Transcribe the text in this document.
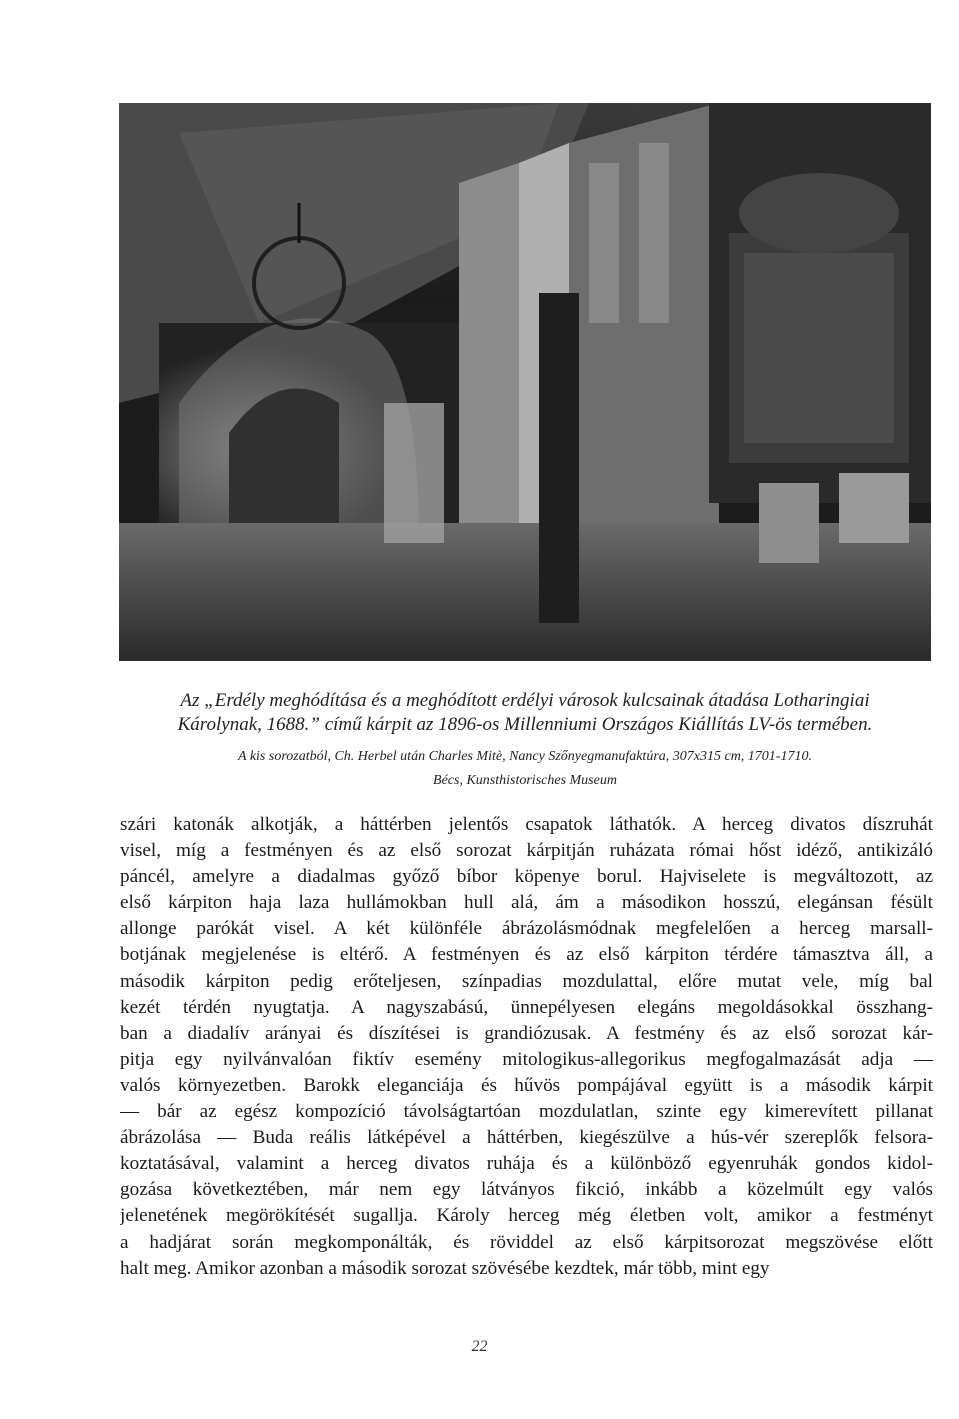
Az „Erdély meghódítása és a meghódított erdélyi városok kulcsainak átadása Lotharingiai
Károlynak, 1688.” című kárpit az 1896-os Millenniumi Országos Kiállítás LV-ös termében.
A kis sorozatból, Ch. Herbel után Charles Mitè, Nancy Szőnyegmanufaktúra, 307x315 cm, 1701-1710.
Bécs, Kunsthistorisches Museum
szári katonák alkotják, a háttérben jelentős csapatok láthatók. A herceg divatos díszruhát
visel, míg a festményen és az első sorozat kárpitján ruházata római hőst idéző, antikizáló
páncél, amelyre a diadalmas győző bíbor köpenye borul. Hajviselete is megváltozott, az
első kárpiton haja laza hullámokban hull alá, ám a másodikon hosszú, elegánsan fésült
allonge parókát visel. A két különféle ábrázolásmódnak megfelelően a herceg marsall-
botjának megjelenése is eltérő. A festményen és az első kárpiton térdére támasztva áll, a
második kárpiton pedig erőteljesen, színpadias mozdulattal, előre mutat vele, míg bal
kezét térdén nyugtatja. A nagyszabású, ünnepélyesen elegáns megoldásokkal összhang-
ban a diadalív arányai és díszítései is grandiózusak. A festmény és az első sorozat kár-
pitja egy nyilvánvalóan fiktív esemény mitologikus-allegorikus megfogalmazását adja —
valós környezetben. Barokk eleganciája és hűvös pompájával együtt is a második kárpit
— bár az egész kompozíció távolságtartóan mozdulatlan, szinte egy kimerevített pillanat
ábrázolása — Buda reális látképével a háttérben, kiegészülve a hús-vér szereplők felsora-
koztatásával, valamint a herceg divatos ruhája és a különböző egyenruhák gondos kidol-
gozása következtében, már nem egy látványos fikció, inkább a közelmúlt egy valós
jelenetének megörökítését sugallja. Károly herceg még életben volt, amikor a festményt
a hadjárat során megkomponálták, és röviddel az első kárpitsorozat megszövése előtt
halt meg. Amikor azonban a második sorozat szövésébe kezdtek, már több, mint egy
22
